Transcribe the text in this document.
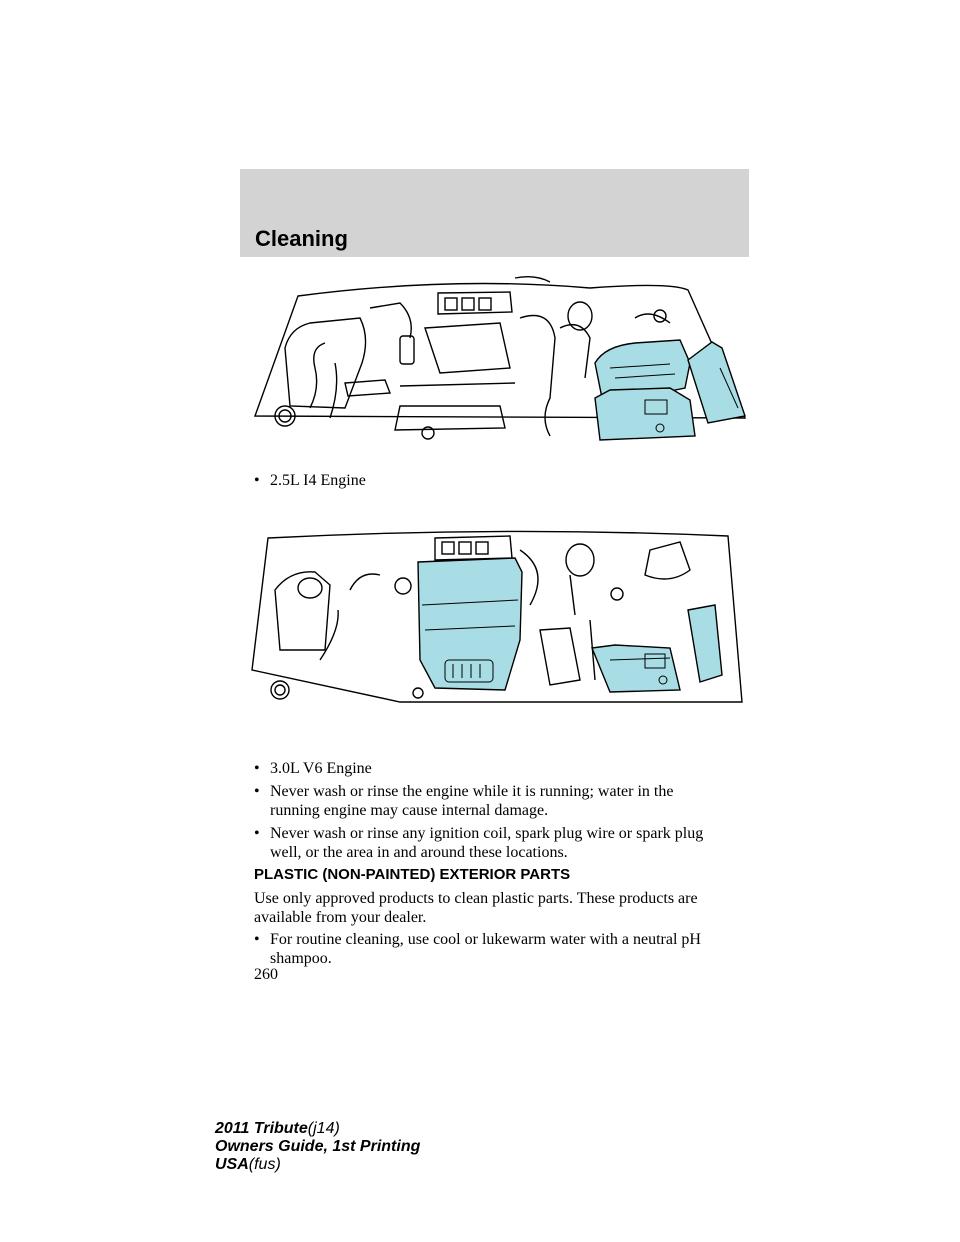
Cleaning
• 2.5L I4 Engine
• 3.0L V6 Engine
• Never wash or rinse the engine while it is running; water in the
running engine may cause internal damage.
• Never wash or rinse any ignition coil, spark plug wire or spark plug
well, or the area in and around these locations.
PLASTIC (NON-PAINTED) EXTERIOR PARTS
Use only approved products to clean plastic parts. These products are
available from your dealer.
• For routine cleaning, use cool or lukewarm water with a neutral pH
shampoo.
260
2011 Tribute(j14)
Owners Guide, 1st Printing
USA(fus)
